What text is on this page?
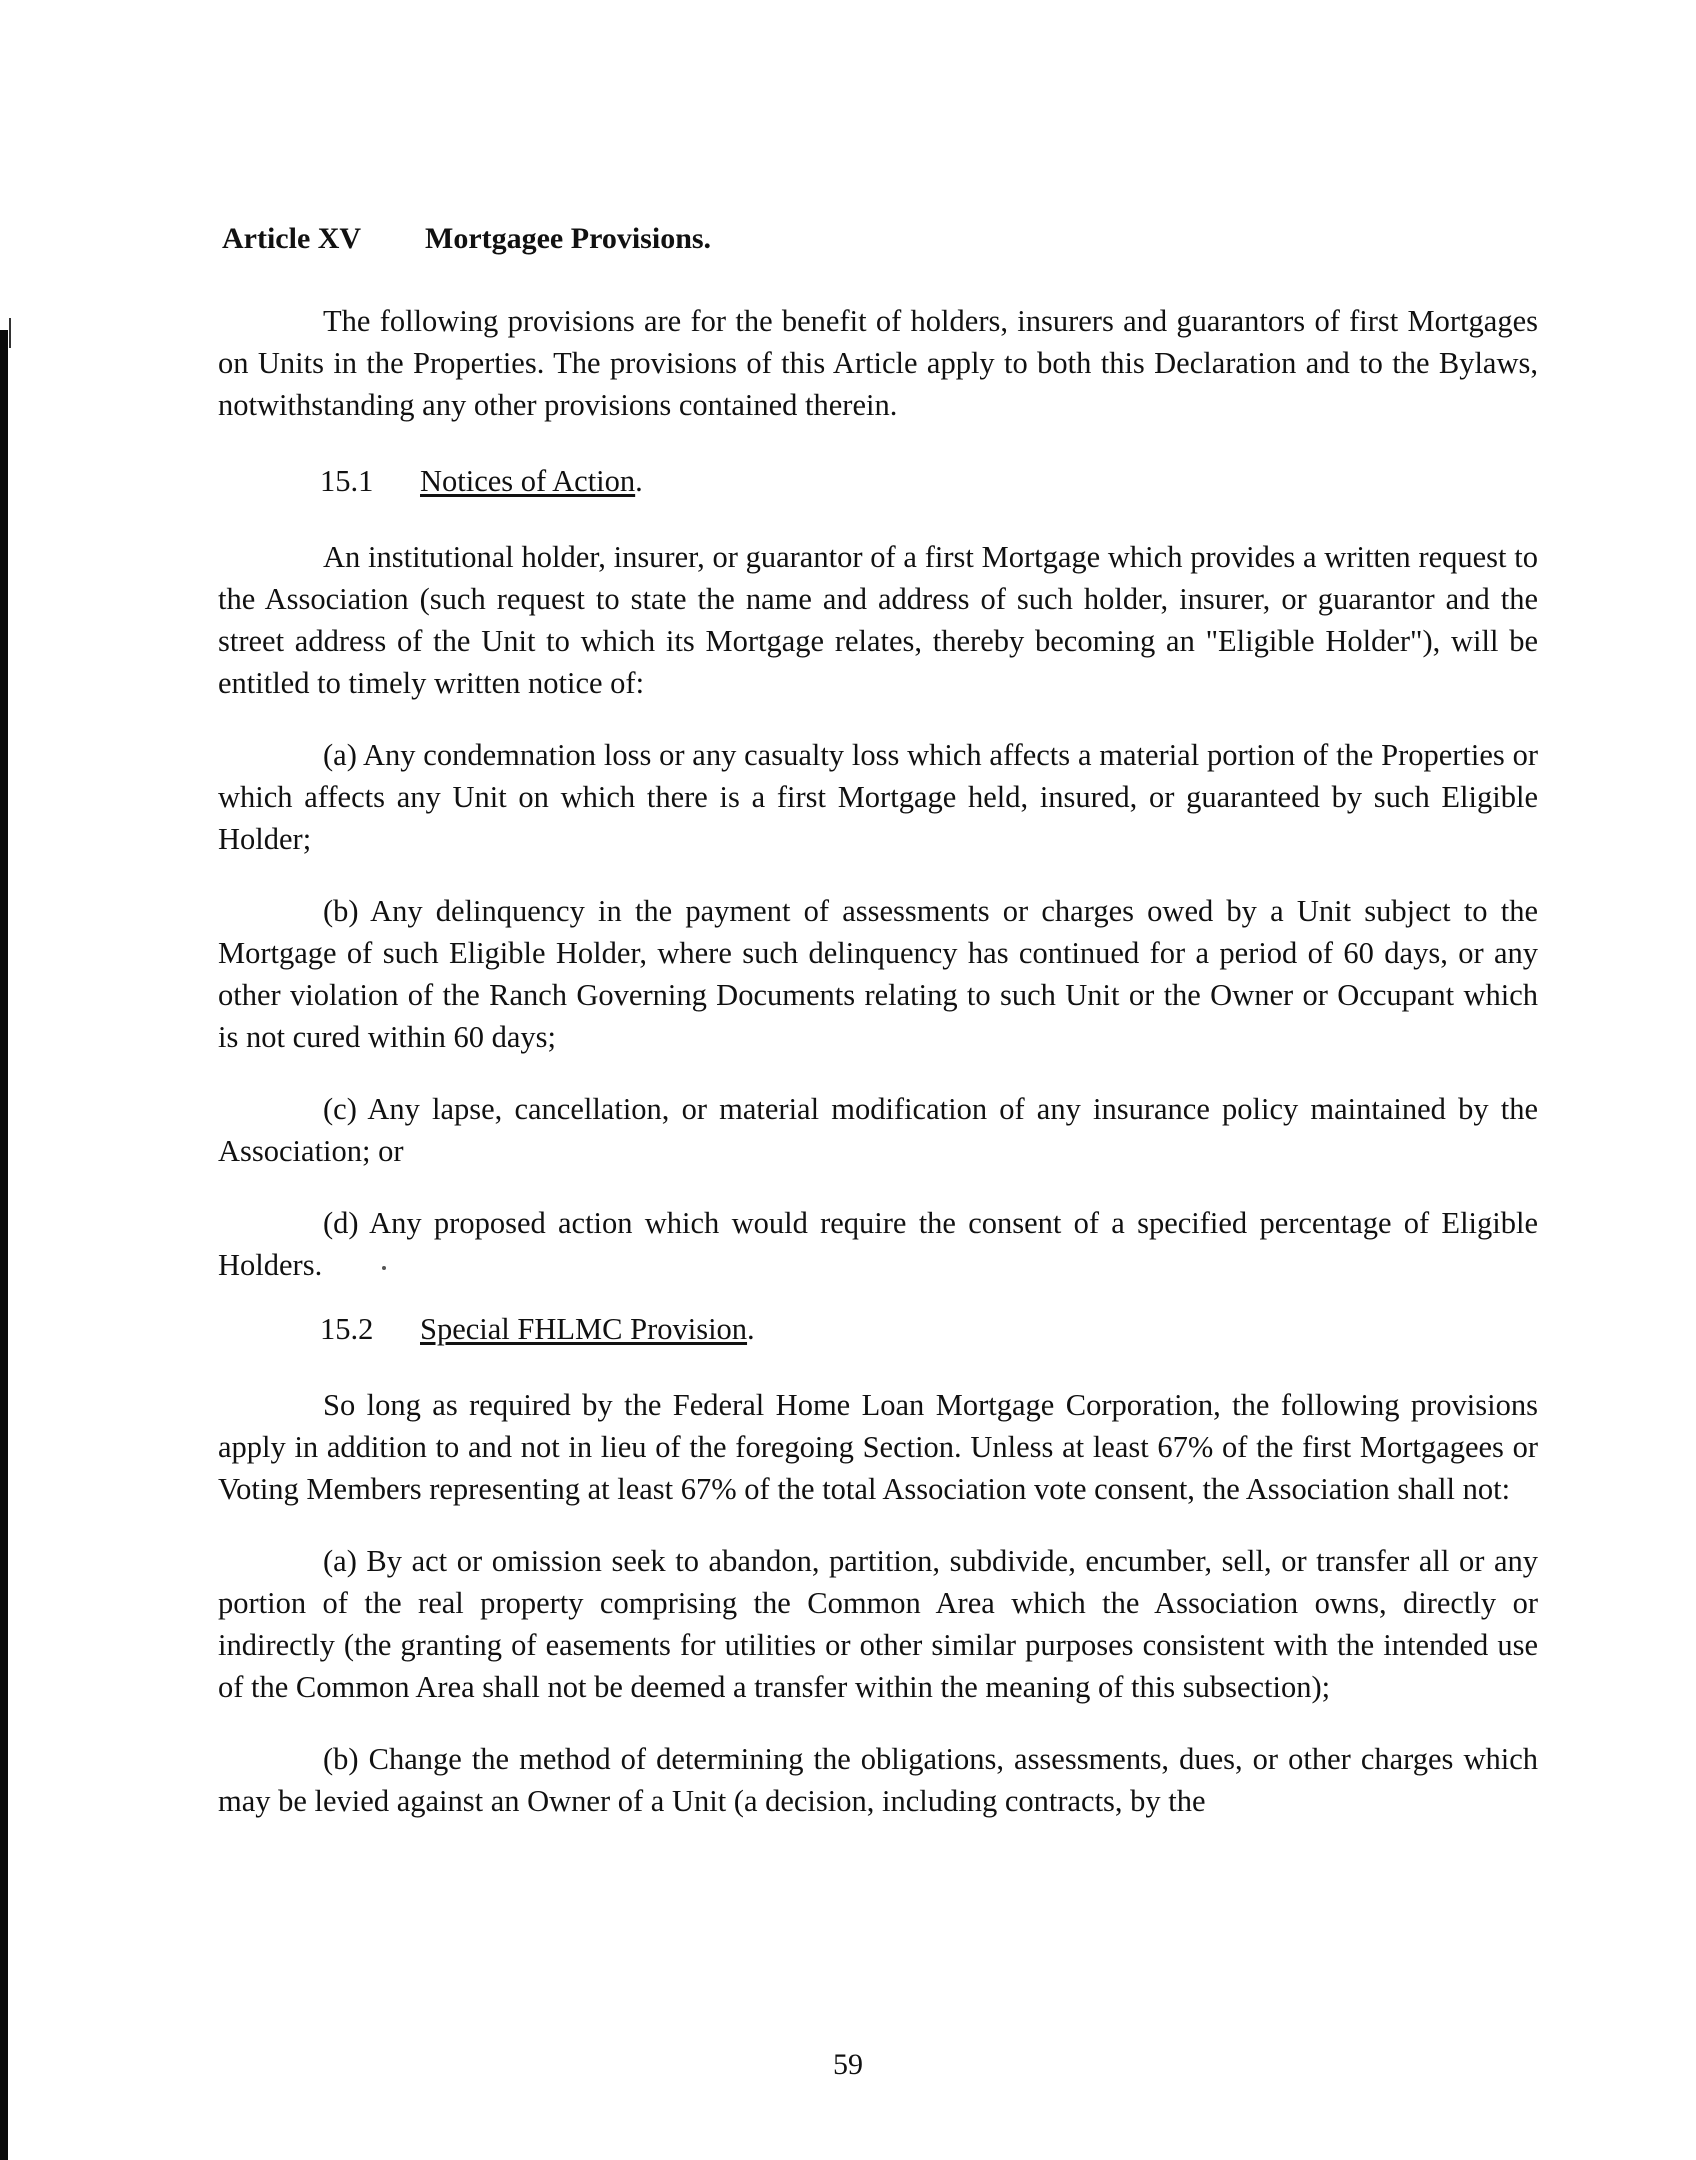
Article XV Mortgagee Provisions.

The following provisions are for the benefit of holders, insurers and guarantors of first Mortgages on Units in the Properties. The provisions of this Article apply to both this Declaration and to the Bylaws, notwithstanding any other provisions contained therein.

15.1 Notices of Action.

An institutional holder, insurer, or guarantor of a first Mortgage which provides a written request to the Association (such request to state the name and address of such holder, insurer, or guarantor and the street address of the Unit to which its Mortgage relates, thereby becoming an "Eligible Holder"), will be entitled to timely written notice of:

(a) Any condemnation loss or any casualty loss which affects a material portion of the Properties or which affects any Unit on which there is a first Mortgage held, insured, or guaranteed by such Eligible Holder;

(b) Any delinquency in the payment of assessments or charges owed by a Unit subject to the Mortgage of such Eligible Holder, where such delinquency has continued for a period of 60 days, or any other violation of the Ranch Governing Documents relating to such Unit or the Owner or Occupant which is not cured within 60 days;

(c) Any lapse, cancellation, or material modification of any insurance policy maintained by the Association; or

(d) Any proposed action which would require the consent of a specified percentage of Eligible Holders.

15.2 Special FHLMC Provision.

So long as required by the Federal Home Loan Mortgage Corporation, the following provisions apply in addition to and not in lieu of the foregoing Section. Unless at least 67% of the first Mortgagees or Voting Members representing at least 67% of the total Association vote consent, the Association shall not:

(a) By act or omission seek to abandon, partition, subdivide, encumber, sell, or transfer all or any portion of the real property comprising the Common Area which the Association owns, directly or indirectly (the granting of easements for utilities or other similar purposes consistent with the intended use of the Common Area shall not be deemed a transfer within the meaning of this subsection);

(b) Change the method of determining the obligations, assessments, dues, or other charges which may be levied against an Owner of a Unit (a decision, including contracts, by the

59
